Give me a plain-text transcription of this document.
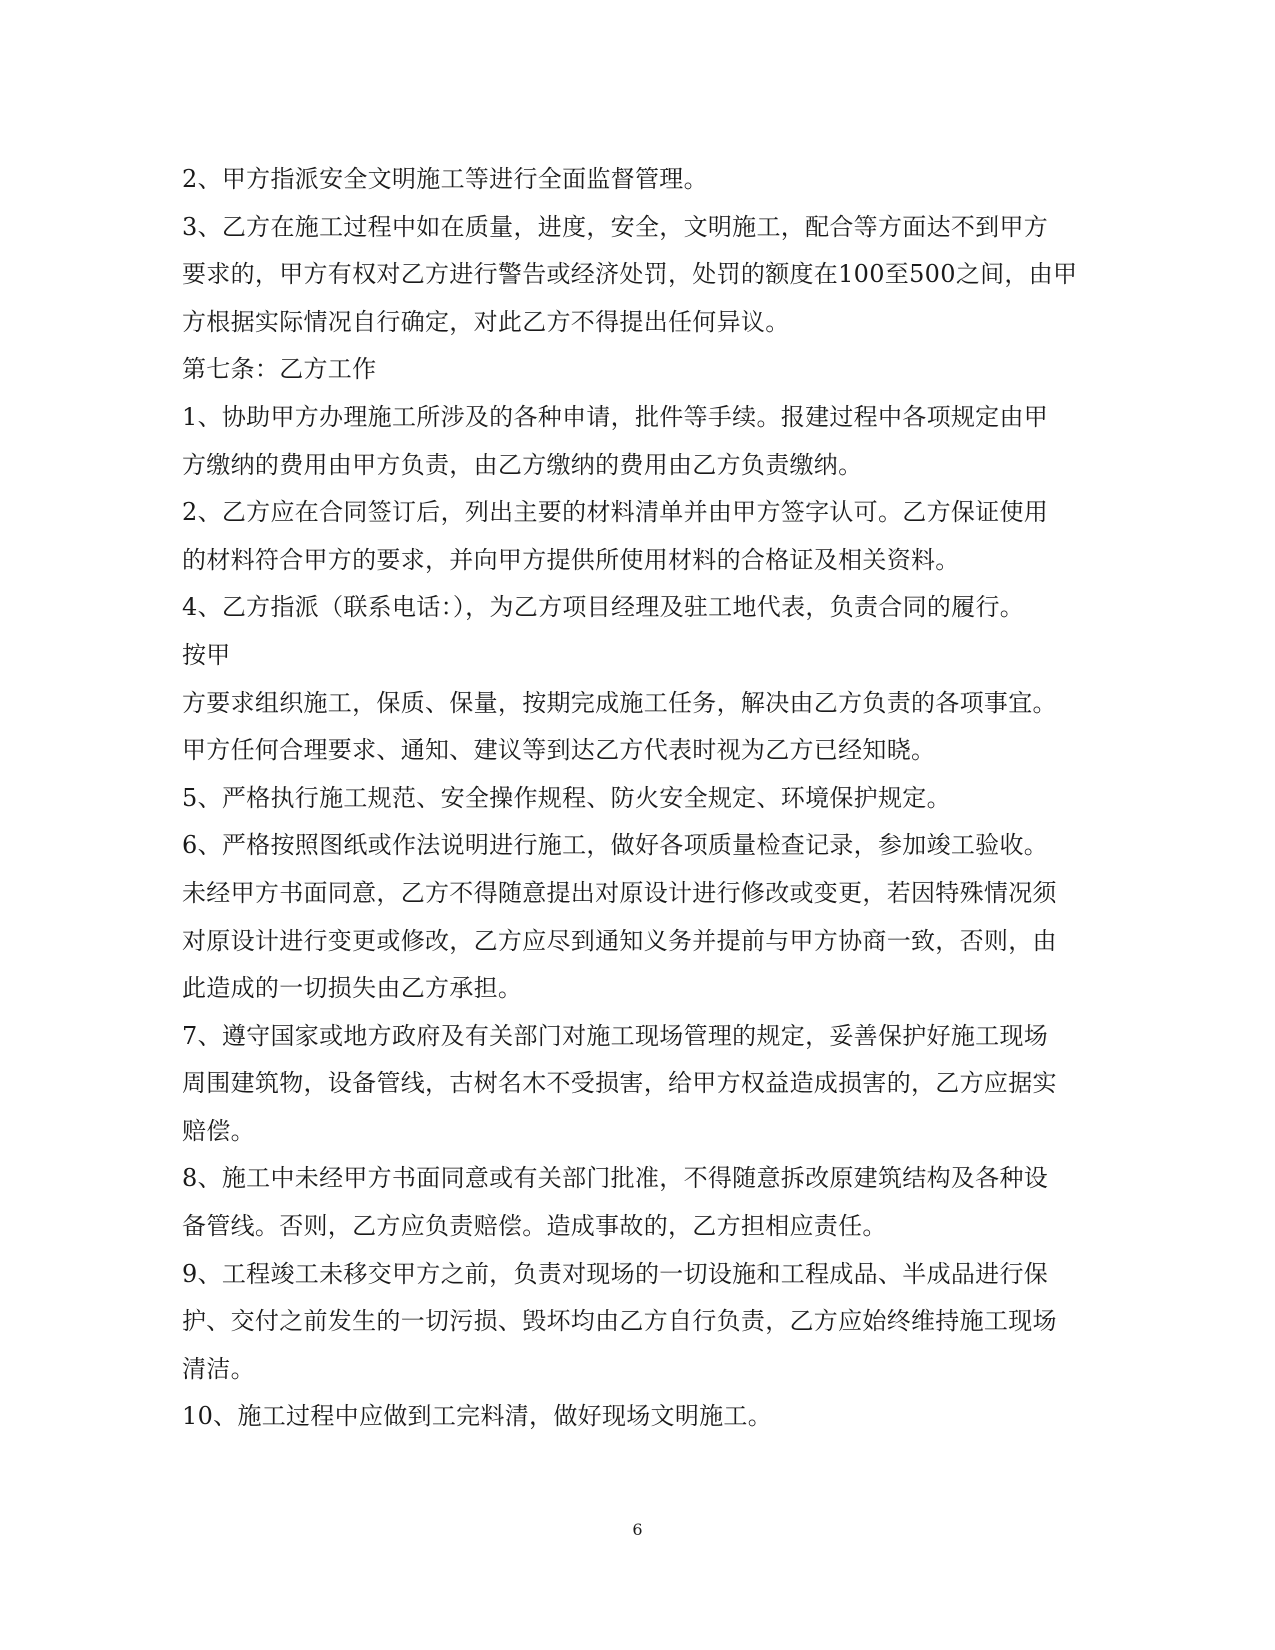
2、甲方指派安全文明施工等进行全面监督管理。
3、乙方在施工过程中如在质量，进度，安全，文明施工，配合等方面达不到甲方
要求的，甲方有权对乙方进行警告或经济处罚，处罚的额度在100至500之间，由甲
方根据实际情况自行确定，对此乙方不得提出任何异议。
第七条：乙方工作
1、协助甲方办理施工所涉及的各种申请，批件等手续。报建过程中各项规定由甲
方缴纳的费用由甲方负责，由乙方缴纳的费用由乙方负责缴纳。
2、乙方应在合同签订后，列出主要的材料清单并由甲方签字认可。乙方保证使用
的材料符合甲方的要求，并向甲方提供所使用材料的合格证及相关资料。
4、乙方指派（联系电话：），为乙方项目经理及驻工地代表，负责合同的履行。
按甲
方要求组织施工，保质、保量，按期完成施工任务，解决由乙方负责的各项事宜。
甲方任何合理要求、通知、建议等到达乙方代表时视为乙方已经知晓。
5、严格执行施工规范、安全操作规程、防火安全规定、环境保护规定。
6、严格按照图纸或作法说明进行施工，做好各项质量检查记录，参加竣工验收。
未经甲方书面同意，乙方不得随意提出对原设计进行修改或变更，若因特殊情况须
对原设计进行变更或修改，乙方应尽到通知义务并提前与甲方协商一致，否则，由
此造成的一切损失由乙方承担。
7、遵守国家或地方政府及有关部门对施工现场管理的规定，妥善保护好施工现场
周围建筑物，设备管线，古树名木不受损害，给甲方权益造成损害的，乙方应据实
赔偿。
8、施工中未经甲方书面同意或有关部门批准，不得随意拆改原建筑结构及各种设
备管线。否则，乙方应负责赔偿。造成事故的，乙方担相应责任。
9、工程竣工未移交甲方之前，负责对现场的一切设施和工程成品、半成品进行保
护、交付之前发生的一切污损、毁坏均由乙方自行负责，乙方应始终维持施工现场
清洁。
10、施工过程中应做到工完料清，做好现场文明施工。
6
